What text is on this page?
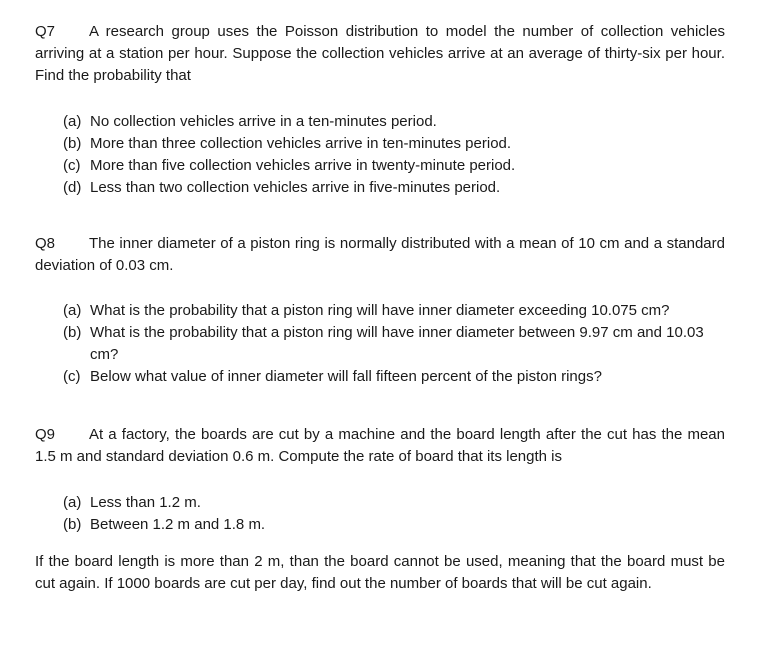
Q7 A research group uses the Poisson distribution to model the number of collection vehicles arriving at a station per hour. Suppose the collection vehicles arrive at an average of thirty-six per hour. Find the probability that

(a) No collection vehicles arrive in a ten-minutes period.
(b) More than three collection vehicles arrive in ten-minutes period.
(c) More than five collection vehicles arrive in twenty-minute period.
(d) Less than two collection vehicles arrive in five-minutes period.

Q8 The inner diameter of a piston ring is normally distributed with a mean of 10 cm and a standard deviation of 0.03 cm.

(a) What is the probability that a piston ring will have inner diameter exceeding 10.075 cm?
(b) What is the probability that a piston ring will have inner diameter between 9.97 cm and 10.03 cm?
(c) Below what value of inner diameter will fall fifteen percent of the piston rings?

Q9 At a factory, the boards are cut by a machine and the board length after the cut has the mean 1.5 m and standard deviation 0.6 m. Compute the rate of board that its length is

(a) Less than 1.2 m.
(b) Between 1.2 m and 1.8 m.

If the board length is more than 2 m, than the board cannot be used, meaning that the board must be cut again. If 1000 boards are cut per day, find out the number of boards that will be cut again.
